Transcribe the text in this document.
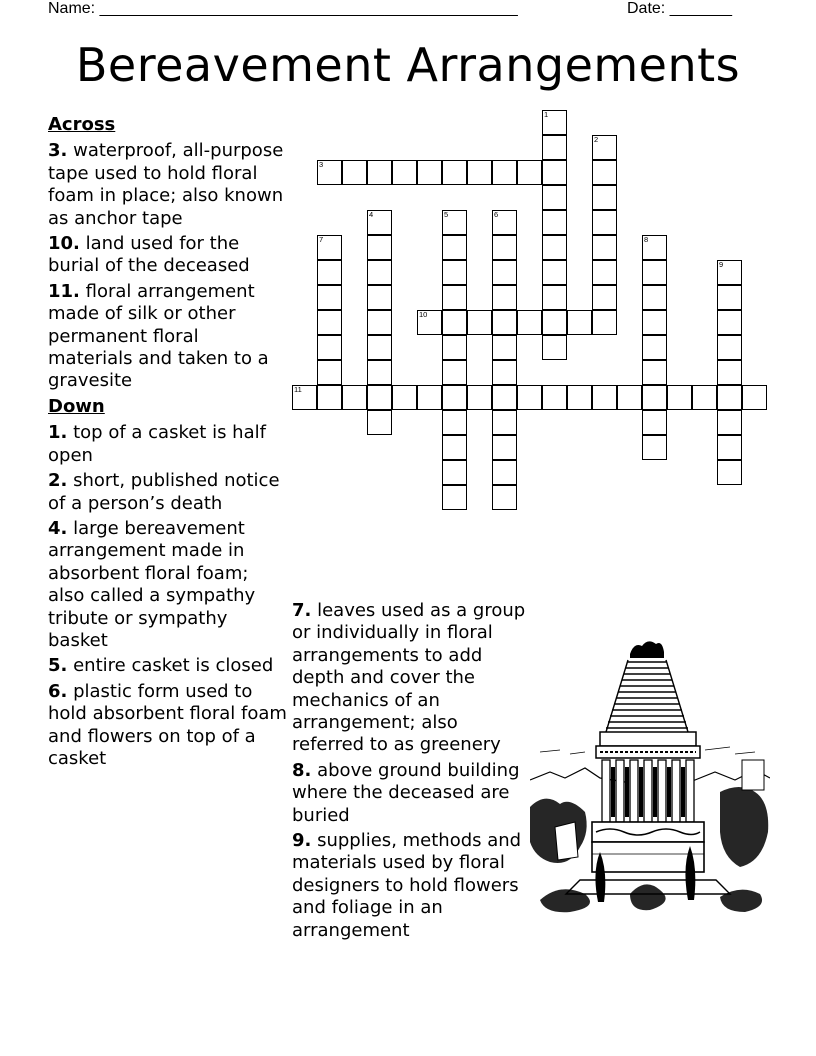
Name: _______________________________________________	Date: _______
Bereavement Arrangements
Across
3. waterproof, all-purpose tape used to hold floral foam in place; also known as anchor tape
10. land used for the burial of the deceased
11. floral arrangement made of silk or other permanent floral materials and taken to a gravesite
Down
1. top of a casket is half open
2. short, published notice of a person’s death
4. large bereavement arrangement made in absorbent floral foam; also called a sympathy tribute or sympathy basket
5. entire casket is closed
6. plastic form used to hold absorbent floral foam and flowers on top of a casket
7. leaves used as a group or individually in floral arrangements to add depth and cover the mechanics of an arrangement; also referred to as greenery
8. above ground building where the deceased are buried
9. supplies, methods and materials used by floral designers to hold flowers and foliage in an arrangement
1
2
3
4	5	6
7	8
9
10
11
